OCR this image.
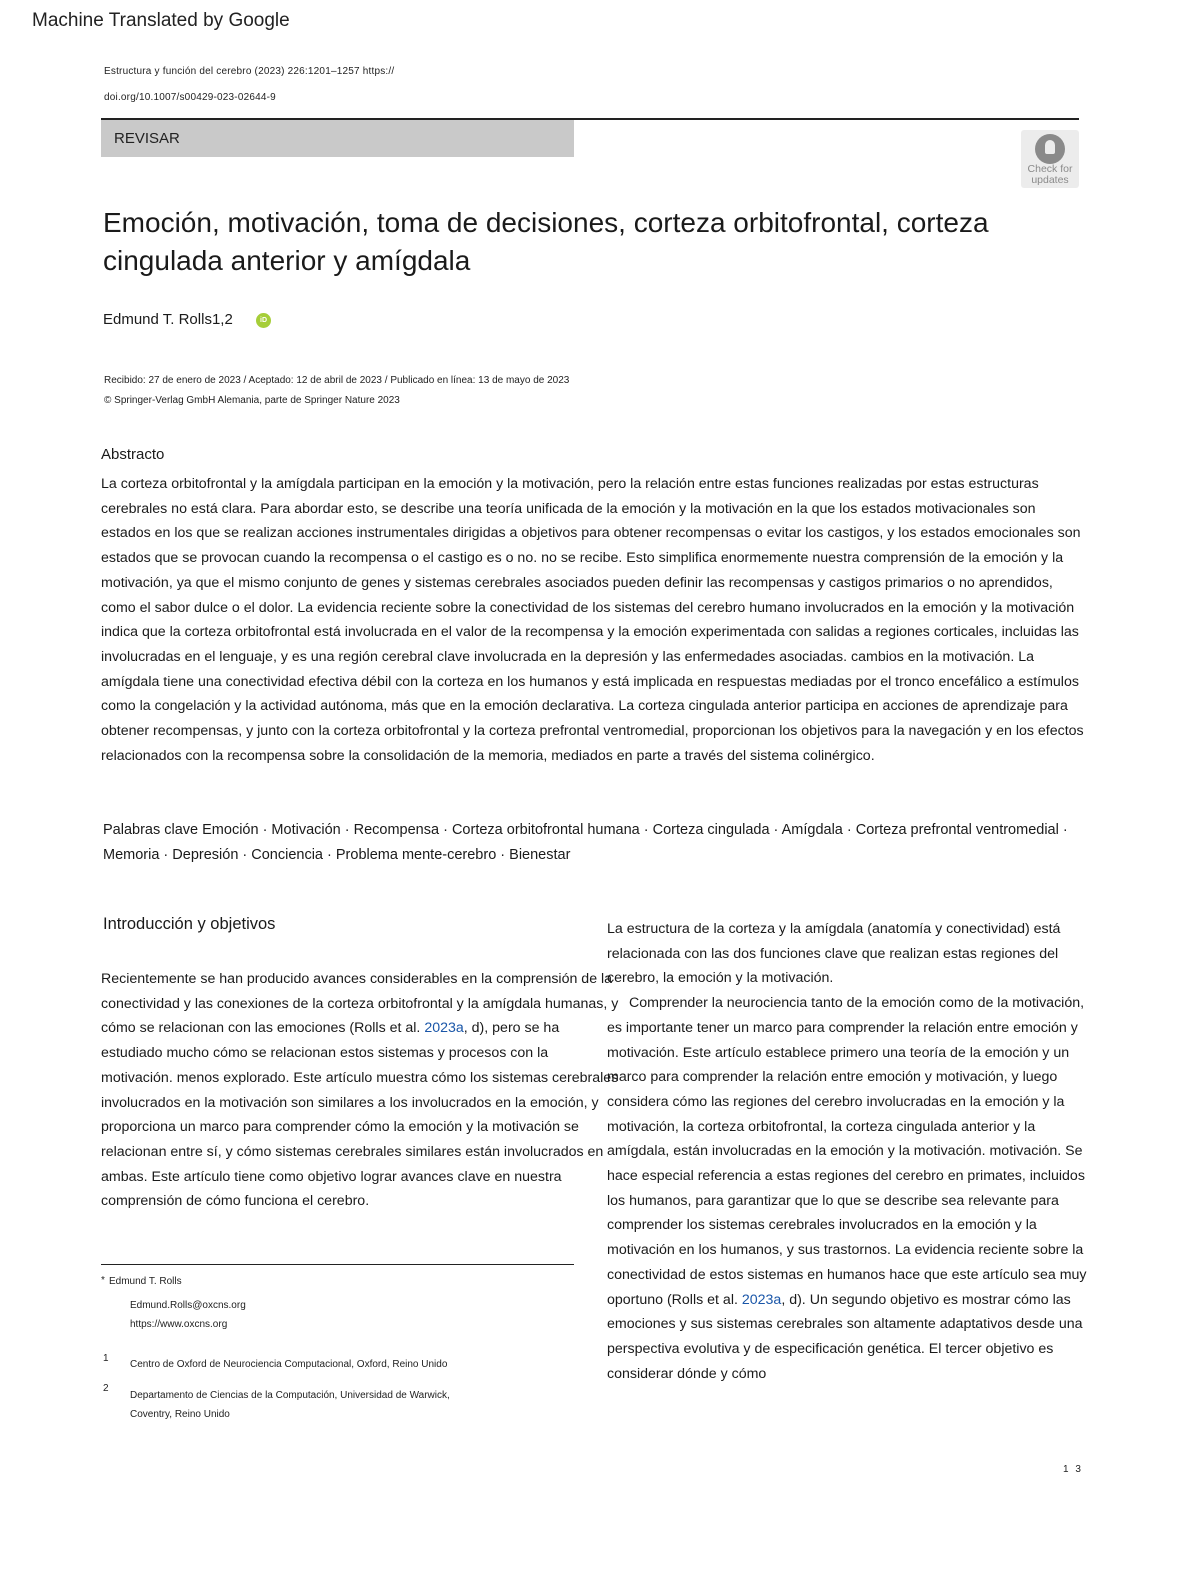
Machine Translated by Google
Estructura y función del cerebro (2023) 226:1201–1257 https://
doi.org/10.1007/s00429-023-02644-9
REVISAR
Check for updates
Emoción, motivación, toma de decisiones, corteza orbitofrontal, corteza cingulada anterior y amígdala
Edmund T. Rolls1,2	iD
Recibido: 27 de enero de 2023 / Aceptado: 12 de abril de 2023 / Publicado en línea: 13 de mayo de 2023
© Springer-Verlag GmbH Alemania, parte de Springer Nature 2023
Abstracto

La corteza orbitofrontal y la amígdala participan en la emoción y la motivación, pero la relación entre estas funciones realizadas por estas estructuras cerebrales no está clara. Para abordar esto, se describe una teoría unificada de la emoción y la motivación en la que los estados motivacionales son estados en los que se realizan acciones instrumentales dirigidas a objetivos para obtener recompensas o evitar los castigos, y los estados emocionales son estados que se provocan cuando la recompensa o el castigo es o no. no se recibe. Esto simplifica enormemente nuestra comprensión de la emoción y la motivación, ya que el mismo conjunto de genes y sistemas cerebrales asociados pueden definir las recompensas y castigos primarios o no aprendidos, como el sabor dulce o el dolor. La evidencia reciente sobre la conectividad de los sistemas del cerebro humano involucrados en la emoción y la motivación indica que la corteza orbitofrontal está involucrada en el valor de la recompensa y la emoción experimentada con salidas a regiones corticales, incluidas las involucradas en el lenguaje, y es una región cerebral clave involucrada en la depresión y las enfermedades asociadas. cambios en la motivación. La amígdala tiene una conectividad efectiva débil con la corteza en los humanos y está implicada en respuestas mediadas por el tronco encefálico a estímulos como la congelación y la actividad autónoma, más que en la emoción declarativa. La corteza cingulada anterior participa en acciones de aprendizaje para obtener recompensas, y junto con la corteza orbitofrontal y la corteza prefrontal ventromedial, proporcionan los objetivos para la navegación y en los efectos relacionados con la recompensa sobre la consolidación de la memoria, mediados en parte a través del sistema colinérgico.

Palabras clave Emoción · Motivación · Recompensa · Corteza orbitofrontal humana · Corteza cingulada · Amígdala · Corteza prefrontal ventromedial · Memoria · Depresión · Conciencia · Problema mente-cerebro · Bienestar

Introducción y objetivos

Recientemente se han producido avances considerables en la comprensión de la conectividad y las conexiones de la corteza orbitofrontal y la amígdala humanas, y cómo se relacionan con las emociones (Rolls et al. 2023a, d), pero se ha estudiado mucho cómo se relacionan estos sistemas y procesos con la motivación. menos explorado. Este artículo muestra cómo los sistemas cerebrales involucrados en la motivación son similares a los involucrados en la emoción, y proporciona un marco para comprender cómo la emoción y la motivación se relacionan entre sí, y cómo sistemas cerebrales similares están involucrados en ambas. Este artículo tiene como objetivo lograr avances clave en nuestra comprensión de cómo funciona el cerebro.

La estructura de la corteza y la amígdala (anatomía y conectividad) está relacionada con las dos funciones clave que realizan estas regiones del cerebro, la emoción y la motivación.

Comprender la neurociencia tanto de la emoción como de la motivación, es importante tener un marco para comprender la relación entre emoción y motivación. Este artículo establece primero una teoría de la emoción y un marco para comprender la relación entre emoción y motivación, y luego considera cómo las regiones del cerebro involucradas en la emoción y la motivación, la corteza orbitofrontal, la corteza cingulada anterior y la amígdala, están involucradas en la emoción y la motivación. motivación. Se hace especial referencia a estas regiones del cerebro en primates, incluidos los humanos, para garantizar que lo que se describe sea relevante para comprender los sistemas cerebrales involucrados en la emoción y la motivación en los humanos, y sus trastornos. La evidencia reciente sobre la conectividad de estos sistemas en humanos hace que este artículo sea muy oportuno (Rolls et al. 2023a, d). Un segundo objetivo es mostrar cómo las emociones y sus sistemas cerebrales son altamente adaptativos desde una perspectiva evolutiva y de especificación genética. El tercer objetivo es considerar dónde y cómo

* Edmund T. Rolls
Edmund.Rolls@oxcns.org
https://www.oxcns.org
1
Centro de Oxford de Neurociencia Computacional, Oxford, Reino Unido
2
Departamento de Ciencias de la Computación, Universidad de Warwick,
Coventry, Reino Unido
1 3
